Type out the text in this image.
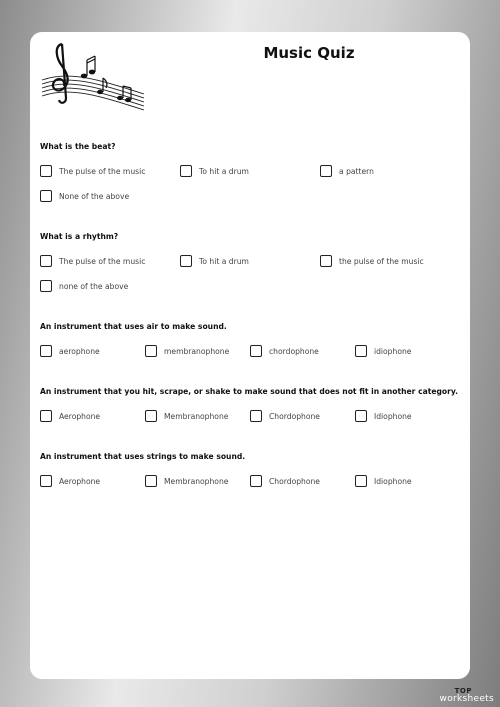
Music Quiz
What is the beat?
The pulse of the music	To hit a drum	a pattern
None of the above
What is a rhythm?
The pulse of the music	To hit a drum	the pulse of the music
none of the above
An instrument that uses air to make sound.
aerophone	membranophone	chordophone	idiophone
An instrument that you hit, scrape, or shake to make sound that does not fit in another category.
Aerophone	Membranophone	Chordophone	Idiophone
An instrument that uses strings to make sound.
Aerophone	Membranophone	Chordophone	Idiophone
TOP
worksheets
